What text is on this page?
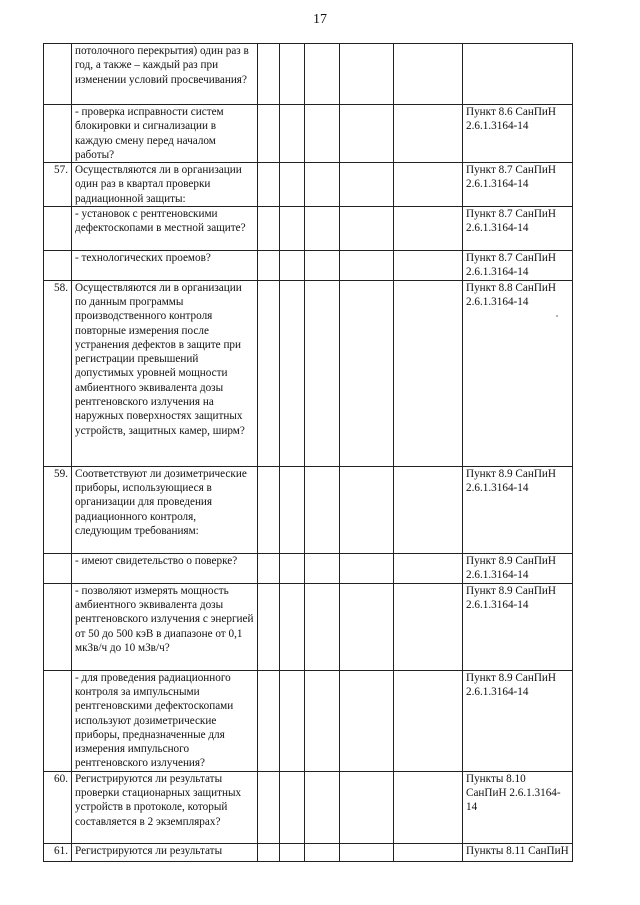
17
	потолочного перекрытия) один раз в год, а также – каждый раз при изменении условий просвечивания?						
	- проверка исправности систем блокировки и сигнализации в каждую смену перед началом работы?						Пункт 8.6 СанПиН 2.6.1.3164-14
57.	Осуществляются ли в организации один раз в квартал проверки радиационной защиты:						Пункт 8.7 СанПиН 2.6.1.3164-14
	- установок с рентгеновскими дефектоскопами в местной защите?						Пункт 8.7 СанПиН 2.6.1.3164-14
	- технологических проемов?						Пункт 8.7 СанПиН 2.6.1.3164-14
58.	Осуществляются ли в организации по данным программы производственного контроля повторные измерения после устранения дефектов в защите при регистрации превышений допустимых уровней мощности амбиентного эквивалента дозы рентгеновского излучения на наружных поверхностях защитных устройств, защитных камер, ширм?						Пункт 8.8 СанПиН 2.6.1.3164-14

59.	Соответствуют ли дозиметрические приборы, использующиеся в организации для проведения радиационного контроля, следующим требованиям:						Пункт 8.9 СанПиН 2.6.1.3164-14
	- имеют свидетельство о поверке?						Пункт 8.9 СанПиН 2.6.1.3164-14
	- позволяют измерять мощность амбиентного эквивалента дозы рентгеновского излучения с энергией от 50 до 500 кэВ в диапазоне от 0,1 мкЗв/ч до 10 мЗв/ч?						Пункт 8.9 СанПиН 2.6.1.3164-14
	- для проведения радиационного контроля за импульсными рентгеновскими дефектоскопами используют дозиметрические приборы, предназначенные для измерения импульсного рентгеновского излучения?						Пункт 8.9 СанПиН 2.6.1.3164-14
60.	Регистрируются ли результаты проверки стационарных защитных устройств в протоколе, который составляется в 2 экземплярах?						Пункты 8.10 СанПиН 2.6.1.3164-14
61.	Регистрируются ли результаты						Пункты 8.11 СанПиН
